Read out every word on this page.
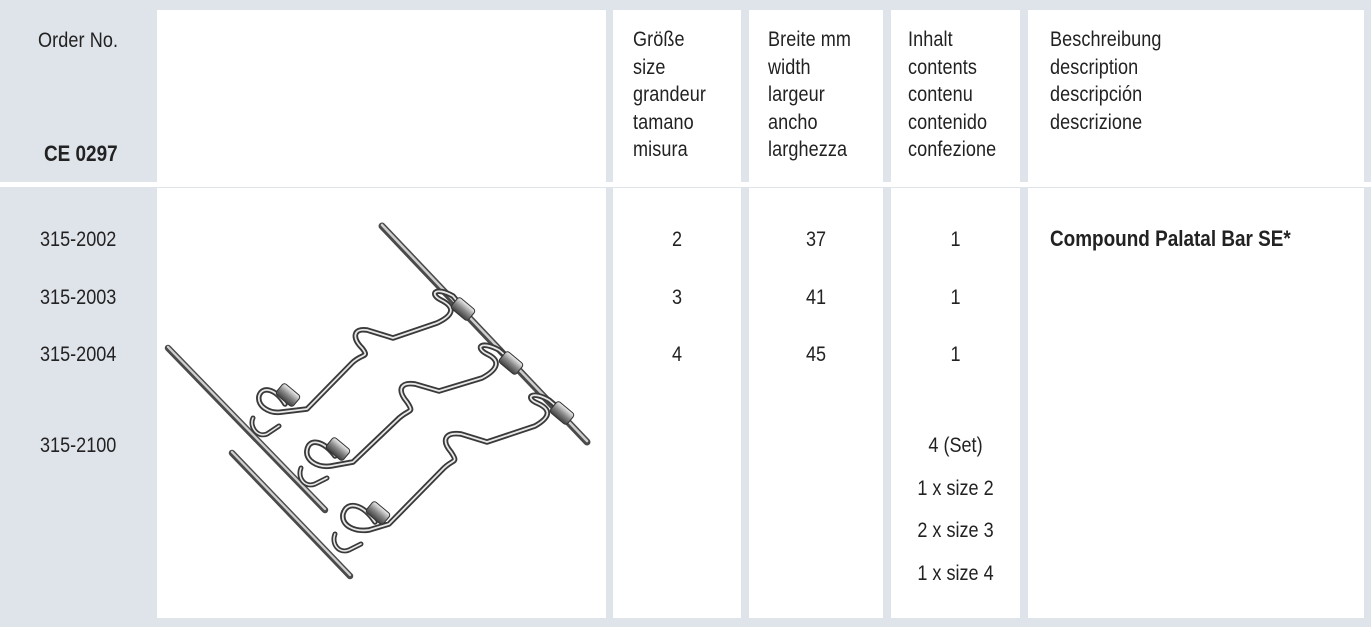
Order No.
CE 0297
Größe
size
grandeur
tamano
misura
Breite mm
width
largeur
ancho
larghezza
Inhalt
contents
contenu
contenido
confezione
Beschreibung
description
descripción
descrizione
315-2002
315-2003
315-2004
315-2100
2
3
4
37
41
45
1
1
1
4 (Set)
1 x size 2
2 x size 3
1 x size 4
Compound Palatal Bar SE*
